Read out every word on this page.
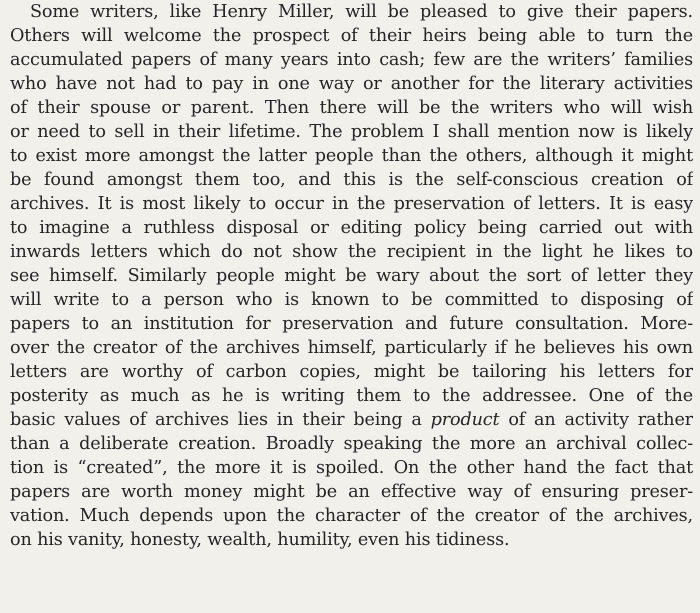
Some writers, like Henry Miller, will be pleased to give their papers.
Others will welcome the prospect of their heirs being able to turn the
accumulated papers of many years into cash; few are the writers’ families
who have not had to pay in one way or another for the literary activities
of their spouse or parent. Then there will be the writers who will wish
or need to sell in their lifetime. The problem I shall mention now is likely
to exist more amongst the latter people than the others, although it might
be found amongst them too, and this is the self-conscious creation of
archives. It is most likely to occur in the preservation of letters. It is easy
to imagine a ruthless disposal or editing policy being carried out with
inwards letters which do not show the recipient in the light he likes to
see himself. Similarly people might be wary about the sort of letter they
will write to a person who is known to be committed to disposing of
papers to an institution for preservation and future consultation. More-
over the creator of the archives himself, particularly if he believes his own
letters are worthy of carbon copies, might be tailoring his letters for
posterity as much as he is writing them to the addressee. One of the
basic values of archives lies in their being a product of an activity rather
than a deliberate creation. Broadly speaking the more an archival collec-
tion is “created”, the more it is spoiled. On the other hand the fact that
papers are worth money might be an effective way of ensuring preser-
vation. Much depends upon the character of the creator of the archives,
on his vanity, honesty, wealth, humility, even his tidiness.
